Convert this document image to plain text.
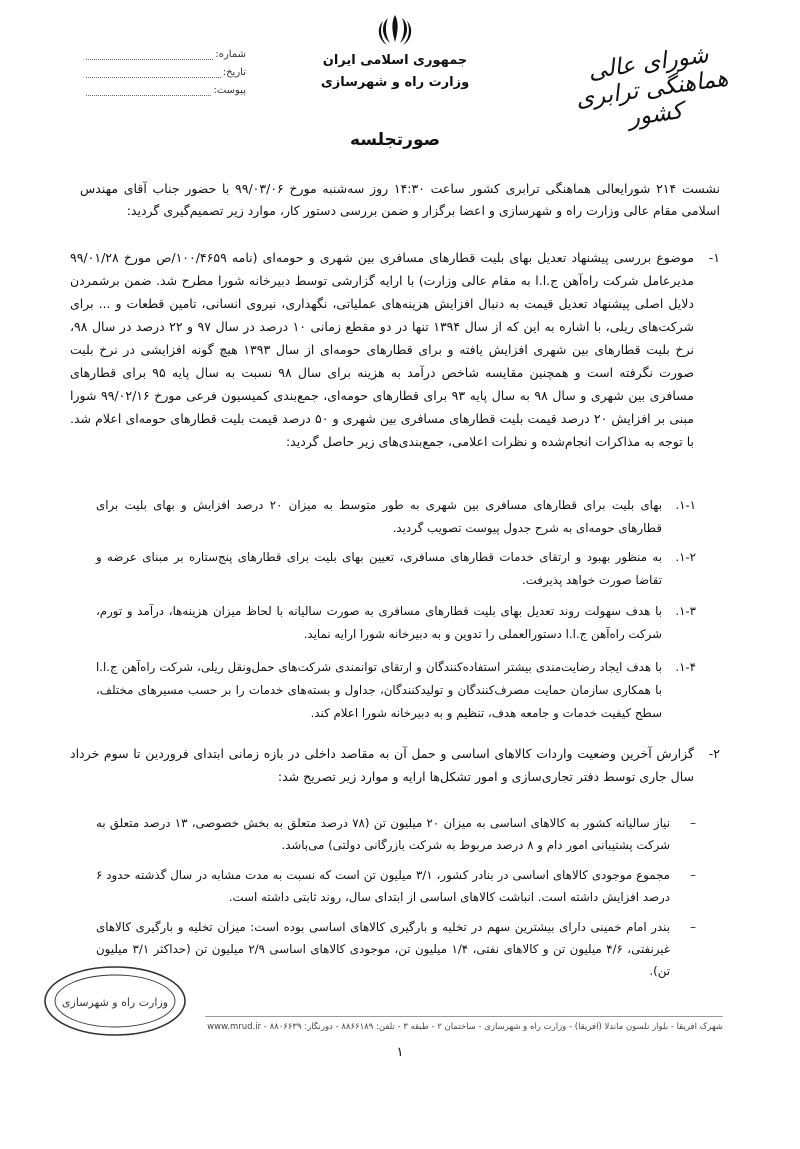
شورای عالی هماهنگی ترابری کشور
جمهوری اسلامی ایران
وزارت راه و شهرسازی
شماره:
تاریخ:
پیوست:
صورتجلسه
نشست ۲۱۴ شورایعالی هماهنگی ترابری کشور ساعت ۱۴:۳۰ روز سه‌شنبه مورخ ۹۹/۰۳/۰۶ با حضور جناب آقای مهندس اسلامی مقام عالی وزارت راه و شهرسازی و اعضا برگزار و ضمن بررسی دستور کار، موارد زیر تصمیم‌گیری گردید:
۱-
موضوع بررسی پیشنهاد تعدیل بهای بلیت قطارهای مسافری بین شهری و حومه‌ای (نامه ۱۰۰/۴۶۵۹/ص مورخ ۹۹/۰۱/۲۸ مدیرعامل شرکت راه‌آهن ج.ا.ا به مقام عالی وزارت) با ارایه گزارشی توسط دبیرخانه شورا مطرح شد. ضمن برشمردن دلایل اصلی پیشنهاد تعدیل قیمت به دنبال افزایش هزینه‌های عملیاتی، نگهداری، نیروی انسانی، تامین قطعات و ... برای شرکت‌های ریلی، با اشاره به این که از سال ۱۳۹۴ تنها در دو مقطع زمانی ۱۰ درصد در سال ۹۷ و ۲۲ درصد در سال ۹۸، نرخ بلیت قطارهای بین شهری افزایش یافته و برای قطارهای حومه‌ای از سال ۱۳۹۳ هیچ گونه افزایشی در نرخ بلیت صورت نگرفته است و همچنین مقایسه شاخص درآمد به هزینه برای سال ۹۸ نسبت به سال پایه ۹۵ برای قطارهای مسافری بین شهری و سال ۹۸ به سال پایه ۹۳ برای قطارهای حومه‌ای، جمع‌بندی کمیسیون فرعی مورخ ۹۹/۰۲/۱۶ شورا مبنی بر افزایش ۲۰ درصد قیمت بلیت قطارهای مسافری بین شهری و ۵۰ درصد قیمت بلیت قطارهای حومه‌ای اعلام شد. با توجه به مذاکرات انجام‌شده و نظرات اعلامی، جمع‌بندی‌های زیر حاصل گردید:
۱-۱.
بهای بلیت برای قطارهای مسافری بین شهری به طور متوسط به میزان ۲۰ درصد افزایش و بهای بلیت برای قطارهای حومه‌ای به شرح جدول پیوست تصویب گردید.
۱-۲.
به منظور بهبود و ارتقای خدمات قطارهای مسافری، تعیین بهای بلیت برای قطارهای پنج‌ستاره بر مبنای عرضه و تقاضا صورت خواهد پذیرفت.
۱-۳.
با هدف سهولت روند تعدیل بهای بلیت قطارهای مسافری به صورت سالیانه با لحاظ میزان هزینه‌ها، درآمد و تورم، شرکت راه‌آهن ج.ا.ا دستورالعملی را تدوین و به دبیرخانه شورا ارایه نماید.
۱-۴.
با هدف ایجاد رضایت‌مندی بیشتر استفاده‌کنندگان و ارتقای توانمندی شرکت‌های حمل‌ونقل ریلی، شرکت راه‌آهن ج.ا.ا با همکاری سازمان حمایت مصرف‌کنندگان و تولیدکنندگان، جداول و بسته‌های خدمات را بر حسب مسیرهای مختلف، سطح کیفیت خدمات و جامعه هدف، تنظیم و به دبیرخانه شورا اعلام کند.
۲-
گزارش آخرین وضعیت واردات کالاهای اساسی و حمل آن به مقاصد داخلی در بازه زمانی ابتدای فروردین تا سوم خرداد سال جاری توسط دفتر تجاری‌سازی و امور تشکل‌ها ارایه و موارد زیر تصریح شد:
–
نیاز سالیانه کشور به کالاهای اساسی به میزان ۲۰ میلیون تن (۷۸ درصد متعلق به بخش خصوصی، ۱۳ درصد متعلق به شرکت پشتیبانی امور دام و ۸ درصد مربوط به شرکت بازرگانی دولتی) می‌باشد.
–
مجموع موجودی کالاهای اساسی در بنادر کشور، ۳/۱ میلیون تن است که نسبت به مدت مشابه در سال گذشته حدود ۶ درصد افزایش داشته است. انباشت کالاهای اساسی از ابتدای سال، روند ثابتی داشته است.
–
بندر امام خمینی دارای بیشترین سهم در تخلیه و بارگیری کالاهای اساسی بوده است: میزان تخلیه و بارگیری کالاهای غیرنفتی، ۴/۶ میلیون تن و کالاهای نفتی، ۱/۴ میلیون تن، موجودی کالاهای اساسی ۲/۹ میلیون تن (حداکثر ۳/۱ میلیون تن).
وزارت راه و شهرسازی
شهرک آفریقا - بلوار نلسون ماندلا (آفریقا) - وزارت راه و شهرسازی - ساختمان ۲ - طبقه ۳ - تلفن: ۸۸۶۶۱۸۹ - دورنگار: ۸۸۰۶۶۳۹ - www.mrud.ir
۱
